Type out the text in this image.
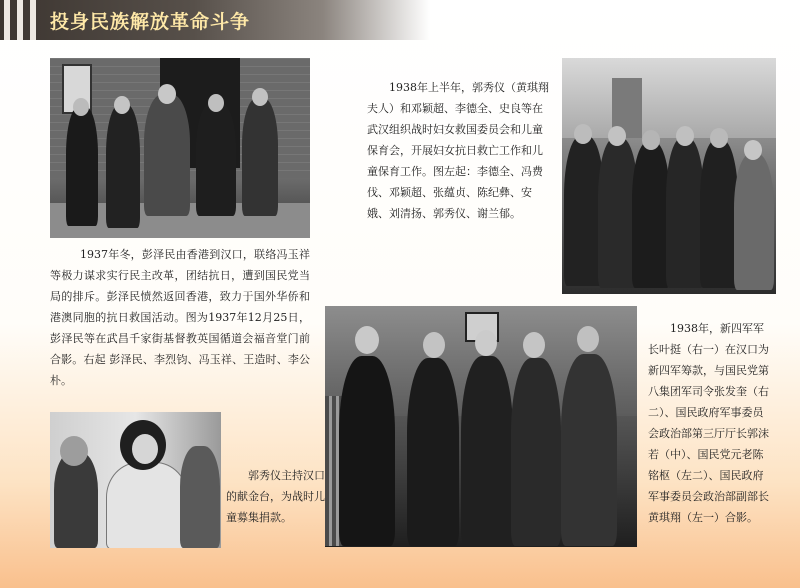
投身民族解放革命斗争
1937年冬，彭泽民由香港到汉口，联络冯玉祥等极力谋求实行民主改革，团结抗日，遭到国民党当局的排斥。彭泽民愤然返回香港，致力于国外华侨和港澳同胞的抗日救国活动。图为1937年12月25日，彭泽民等在武昌千家街基督教英国循道会福音堂门前合影。右起 彭泽民、李烈钧、冯玉祥、王造时、李公朴。
1938年上半年，郭秀仪（黄琪翔夫人）和邓颖超、李德全、史良等在武汉组织战时妇女救国委员会和儿童保育会，开展妇女抗日救亡工作和儿童保育工作。图左起：李德全、冯费伐、邓颖超、张蕴贞、陈纪彝、安娥、刘清扬、郭秀仪、谢兰郁。
1938年，新四军军长叶挺（右一）在汉口为新四军筹款，与国民党第八集团军司令张发奎（右二）、国民政府军事委员会政治部第三厅厅长郭沫若（中）、国民党元老陈铭枢（左二）、国民政府军事委员会政治部副部长黄琪翔（左一）合影。
郭秀仪主持汉口的献金台，为战时儿童募集捐款。
